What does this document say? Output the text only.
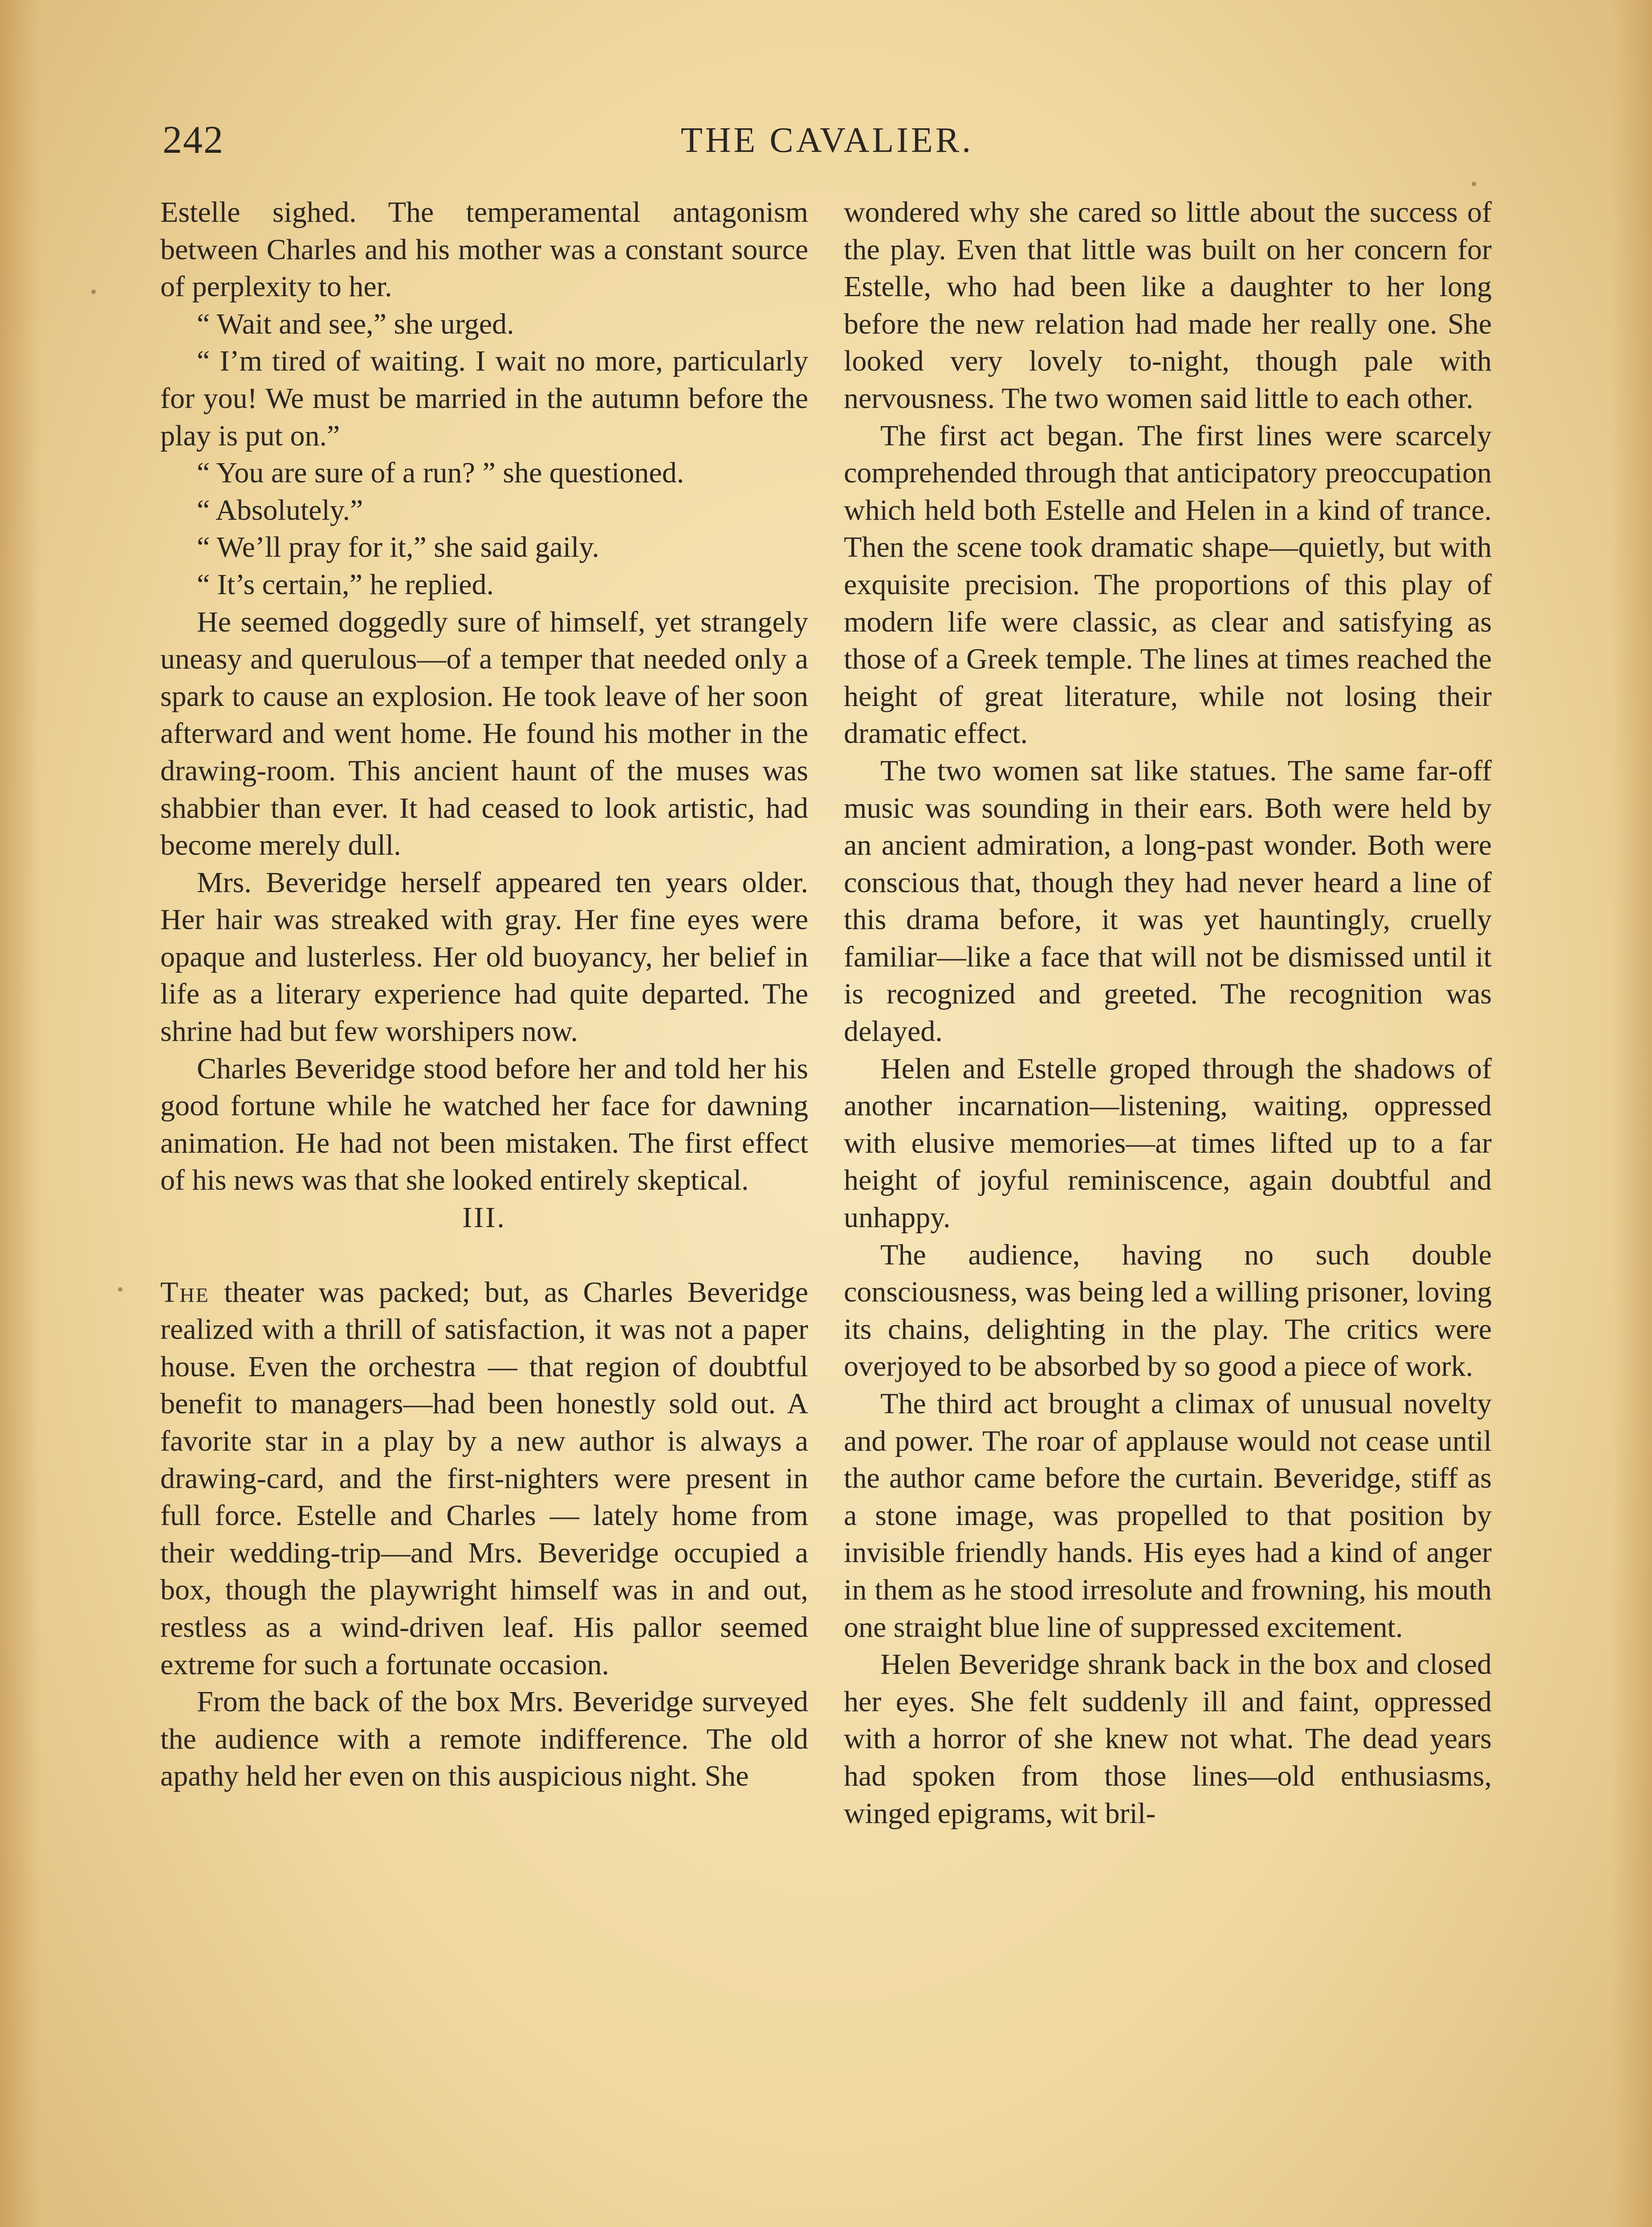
242	THE CAVALIER.

Estelle sighed. The temperamental antagonism between Charles and his mother was a constant source of perplexity to her.

“ Wait and see,” she urged.

“ I’m tired of waiting. I wait no more, particularly for you! We must be married in the autumn before the play is put on.”

“ You are sure of a run? ” she questioned.

“ Absolutely.”

“ We’ll pray for it,” she said gaily.

“ It’s certain,” he replied.

He seemed doggedly sure of himself, yet strangely uneasy and querulous—of a temper that needed only a spark to cause an explosion. He took leave of her soon afterward and went home. He found his mother in the drawing-room. This ancient haunt of the muses was shabbier than ever. It had ceased to look artistic, had become merely dull.

Mrs. Beveridge herself appeared ten years older. Her hair was streaked with gray. Her fine eyes were opaque and lusterless. Her old buoyancy, her belief in life as a literary experience had quite departed. The shrine had but few worshipers now.

Charles Beveridge stood before her and told her his good fortune while he watched her face for dawning animation. He had not been mistaken. The first effect of his news was that she looked entirely skeptical.

III.

The theater was packed; but, as Charles Beveridge realized with a thrill of satisfaction, it was not a paper house. Even the orchestra — that region of doubtful benefit to managers—had been honestly sold out. A favorite star in a play by a new author is always a drawing-card, and the first-nighters were present in full force. Estelle and Charles — lately home from their wedding-trip—and Mrs. Beveridge occupied a box, though the playwright himself was in and out, restless as a wind-driven leaf. His pallor seemed extreme for such a fortunate occasion.

From the back of the box Mrs. Beveridge surveyed the audience with a remote indifference. The old apathy held her even on this auspicious night. She

wondered why she cared so little about the success of the play. Even that little was built on her concern for Estelle, who had been like a daughter to her long before the new relation had made her really one. She looked very lovely to-night, though pale with nervousness. The two women said little to each other.

The first act began. The first lines were scarcely comprehended through that anticipatory preoccupation which held both Estelle and Helen in a kind of trance. Then the scene took dramatic shape—quietly, but with exquisite precision. The proportions of this play of modern life were classic, as clear and satisfying as those of a Greek temple. The lines at times reached the height of great literature, while not losing their dramatic effect.

The two women sat like statues. The same far-off music was sounding in their ears. Both were held by an ancient admiration, a long-past wonder. Both were conscious that, though they had never heard a line of this drama before, it was yet hauntingly, cruelly familiar—like a face that will not be dismissed until it is recognized and greeted. The recognition was delayed.

Helen and Estelle groped through the shadows of another incarnation—listening, waiting, oppressed with elusive memories—at times lifted up to a far height of joyful reminiscence, again doubtful and unhappy.

The audience, having no such double consciousness, was being led a willing prisoner, loving its chains, delighting in the play. The critics were overjoyed to be absorbed by so good a piece of work.

The third act brought a climax of unusual novelty and power. The roar of applause would not cease until the author came before the curtain. Beveridge, stiff as a stone image, was propelled to that position by invisible friendly hands. His eyes had a kind of anger in them as he stood irresolute and frowning, his mouth one straight blue line of suppressed excitement.

Helen Beveridge shrank back in the box and closed her eyes. She felt suddenly ill and faint, oppressed with a horror of she knew not what. The dead years had spoken from those lines—old enthusiasms, winged epigrams, wit bril-
